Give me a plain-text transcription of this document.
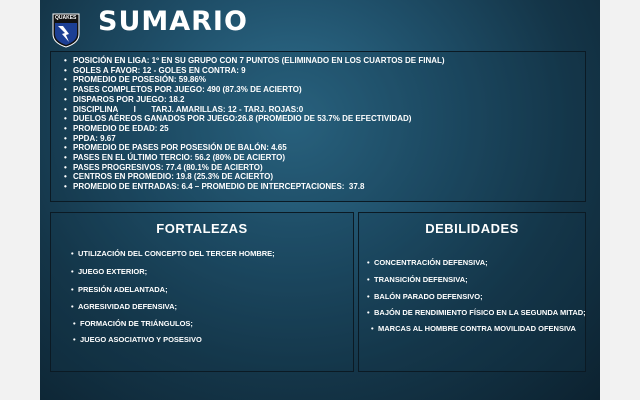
QUAKES SUMARIO
• POSICIÓN EN LIGA: 1º EN SU GRUPO CON 7 PUNTOS (ELIMINADO EN LOS CUARTOS DE FINAL)
• GOLES A FAVOR: 12 - GOLES EN CONTRA: 9
• PROMEDIO DE POSESIÓN: 59.86%
• PASES COMPLETOS POR JUEGO: 490 (87.3% DE ACIERTO)
• DISPAROS POR JUEGO: 18.2
• DISCIPLINA       I       TARJ. AMARILLAS: 12 - TARJ. ROJAS:0
• DUELOS AÉREOS GANADOS POR JUEGO:26.8 (PROMEDIO DE 53.7% DE EFECTIVIDAD)
• PROMEDIO DE EDAD: 25
• PPDA: 9.67
• PROMEDIO DE PASES POR POSESIÓN DE BALÓN: 4.65
• PASES EN EL ÚLTIMO TERCIO: 56.2 (80% DE ACIERTO)
• PASES PROGRESIVOS: 77.4 (80.1% DE ACIERTO)
• CENTROS EN PROMEDIO: 19.8 (25.3% DE ACIERTO)
• PROMEDIO DE ENTRADAS: 6.4 – PROMEDIO DE INTERCEPTACIONES:  37.8
FORTALEZAS
• UTILIZACIÓN DEL CONCEPTO DEL TERCER HOMBRE;
• JUEGO EXTERIOR;
• PRESIÓN ADELANTADA;
• AGRESIVIDAD DEFENSIVA;
• FORMACIÓN DE TRIÁNGULOS;
• JUEGO ASOCIATIVO Y POSESIVO
DEBILIDADES
• CONCENTRACIÓN DEFENSIVA;
• TRANSICIÓN DEFENSIVA;
• BALÓN PARADO DEFENSIVO;
• BAJÓN DE RENDIMIENTO FÍSICO EN LA SEGUNDA MITAD;
• MARCAS AL HOMBRE CONTRA MOVILIDAD OFENSIVA
